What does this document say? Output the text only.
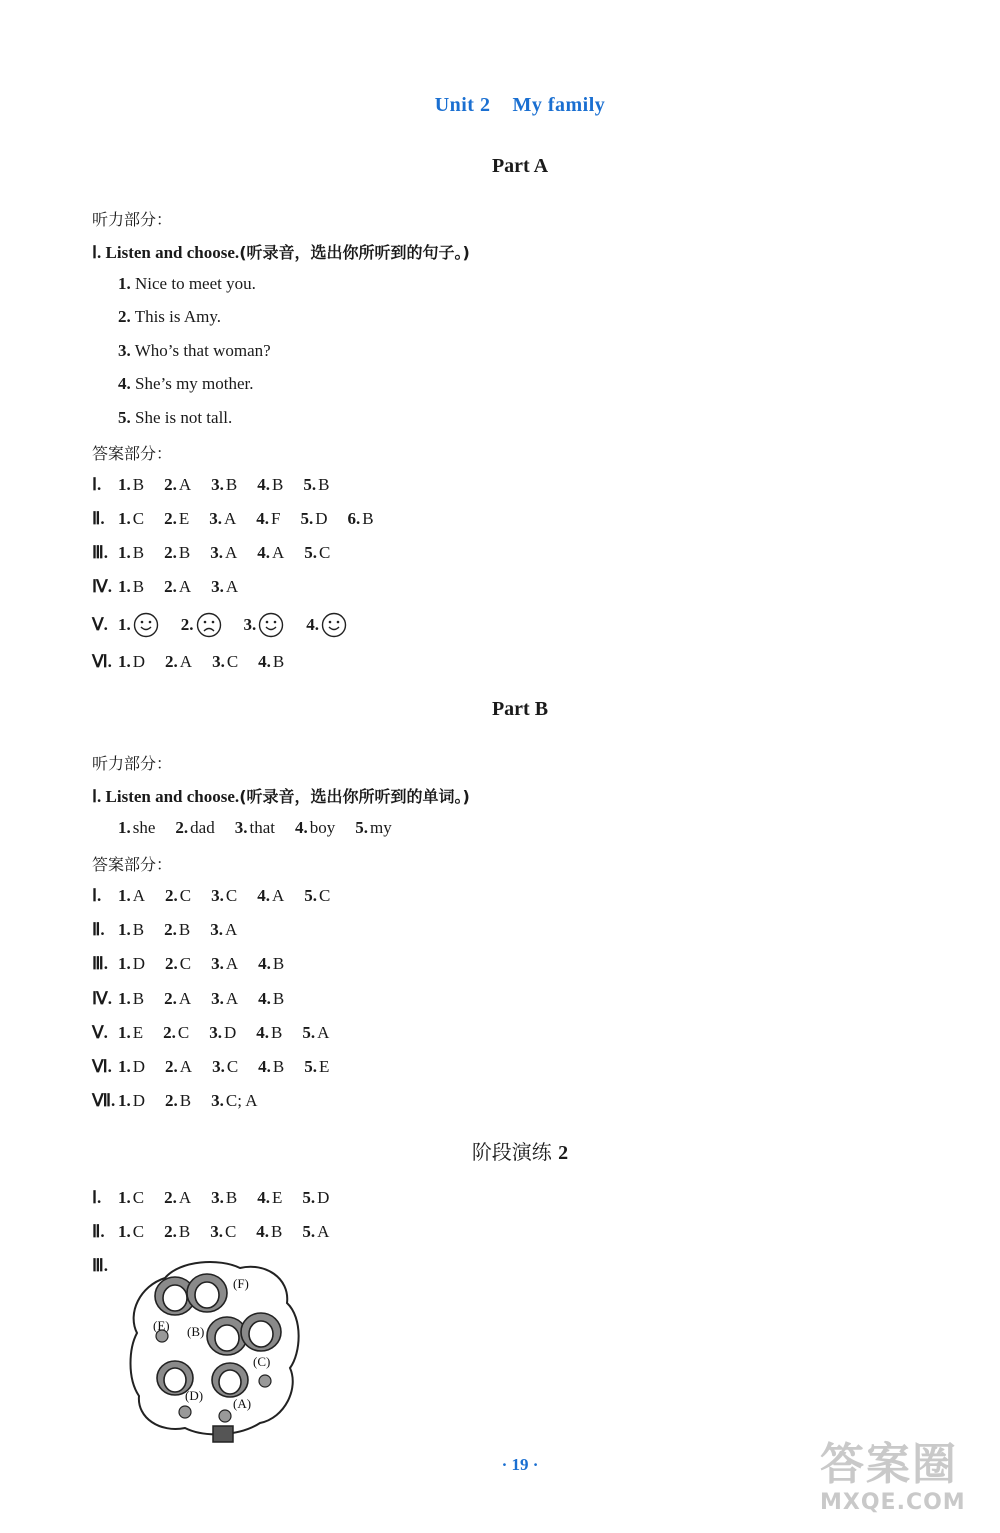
Unit 2 My family
Part A
听力部分：
Ⅰ. Listen and choose.(听录音，选出你所听到的句子。)
1. Nice to meet you.
2. This is Amy.
3. Who’s that woman?
4. She’s my mother.
5. She is not tall.
答案部分：
Ⅰ. 1. B 2. A 3. B 4. B 5. B
Ⅱ. 1. C 2. E 3. A 4. F 5. D 6. B
Ⅲ. 1. B 2. B 3. A 4. A 5. C
Ⅳ. 1. B 2. A 3. A
Ⅴ. 1.	2.	3.	4.
Ⅵ. 1. D 2. A 3. C 4. B
Part B
听力部分：
Ⅰ. Listen and choose.(听录音，选出你所听到的单词。)
1. she 2. dad 3. that 4. boy 5. my
答案部分：
Ⅰ. 1. A 2. C 3. C 4. A 5. C
Ⅱ. 1. B 2. B 3. A
Ⅲ. 1. D 2. C 3. A 4. B
Ⅳ. 1. B 2. A 3. A 4. B
Ⅴ. 1. E 2. C 3. D 4. B 5. A
Ⅵ. 1. D 2. A 3. C 4. B 5. E
Ⅶ. 1. D 2. B 3. C; A
阶段演练 2
Ⅰ. 1. C 2. A 3. B 4. E 5. D
Ⅱ. 1. C 2. B 3. C 4. B 5. A
Ⅲ.
(F)
(E) (B)
(C)
(D)
(A)
· 19 ·	答案圈
MXQE.COM
